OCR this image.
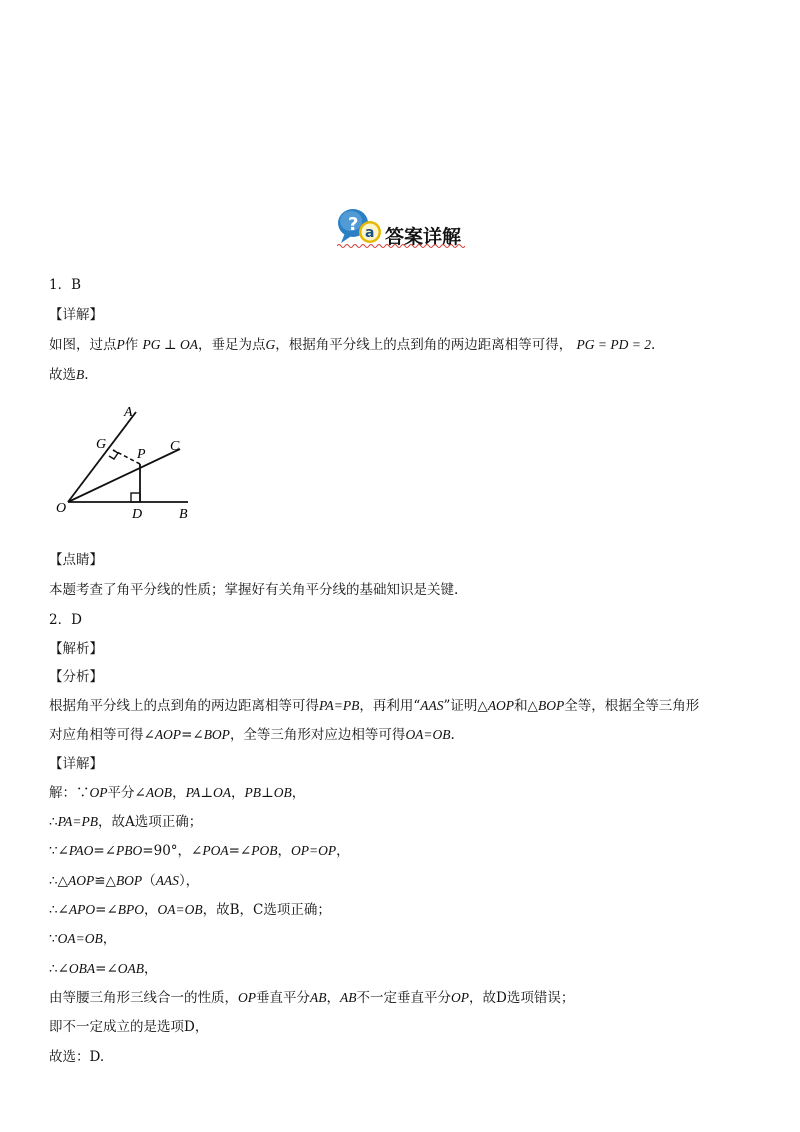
? a 答案详解
1．B
【详解】
如图，过点P作 PG ⊥ OA，垂足为点G，根据角平分线上的点到角的两边距离相等可得， PG = PD = 2.
故选B.
A
G
P
C
O	D	B
【点睛】
本题考查了角平分线的性质；掌握好有关角平分线的基础知识是关键.
2．D
【解析】
【分析】
根据角平分线上的点到角的两边距离相等可得PA=PB，再利用“AAS”证明△AOP和△BOP全等，根据全等三角形
对应角相等可得∠AOP=∠BOP，全等三角形对应边相等可得OA=OB.
【详解】
解：∵OP平分∠AOB，PA⊥OA，PB⊥OB，
∴PA=PB，故A选项正确；
∵∠PAO=∠PBO=90°，∠POA=∠POB，OP=OP，
∴△AOP≌△BOP（AAS），
∴∠APO=∠BPO，OA=OB，故B，C选项正确；
∵OA=OB，
∴∠OBA=∠OAB，
由等腰三角形三线合一的性质，OP垂直平分AB，AB不一定垂直平分OP，故D选项错误；
即不一定成立的是选项D，
故选：D.
